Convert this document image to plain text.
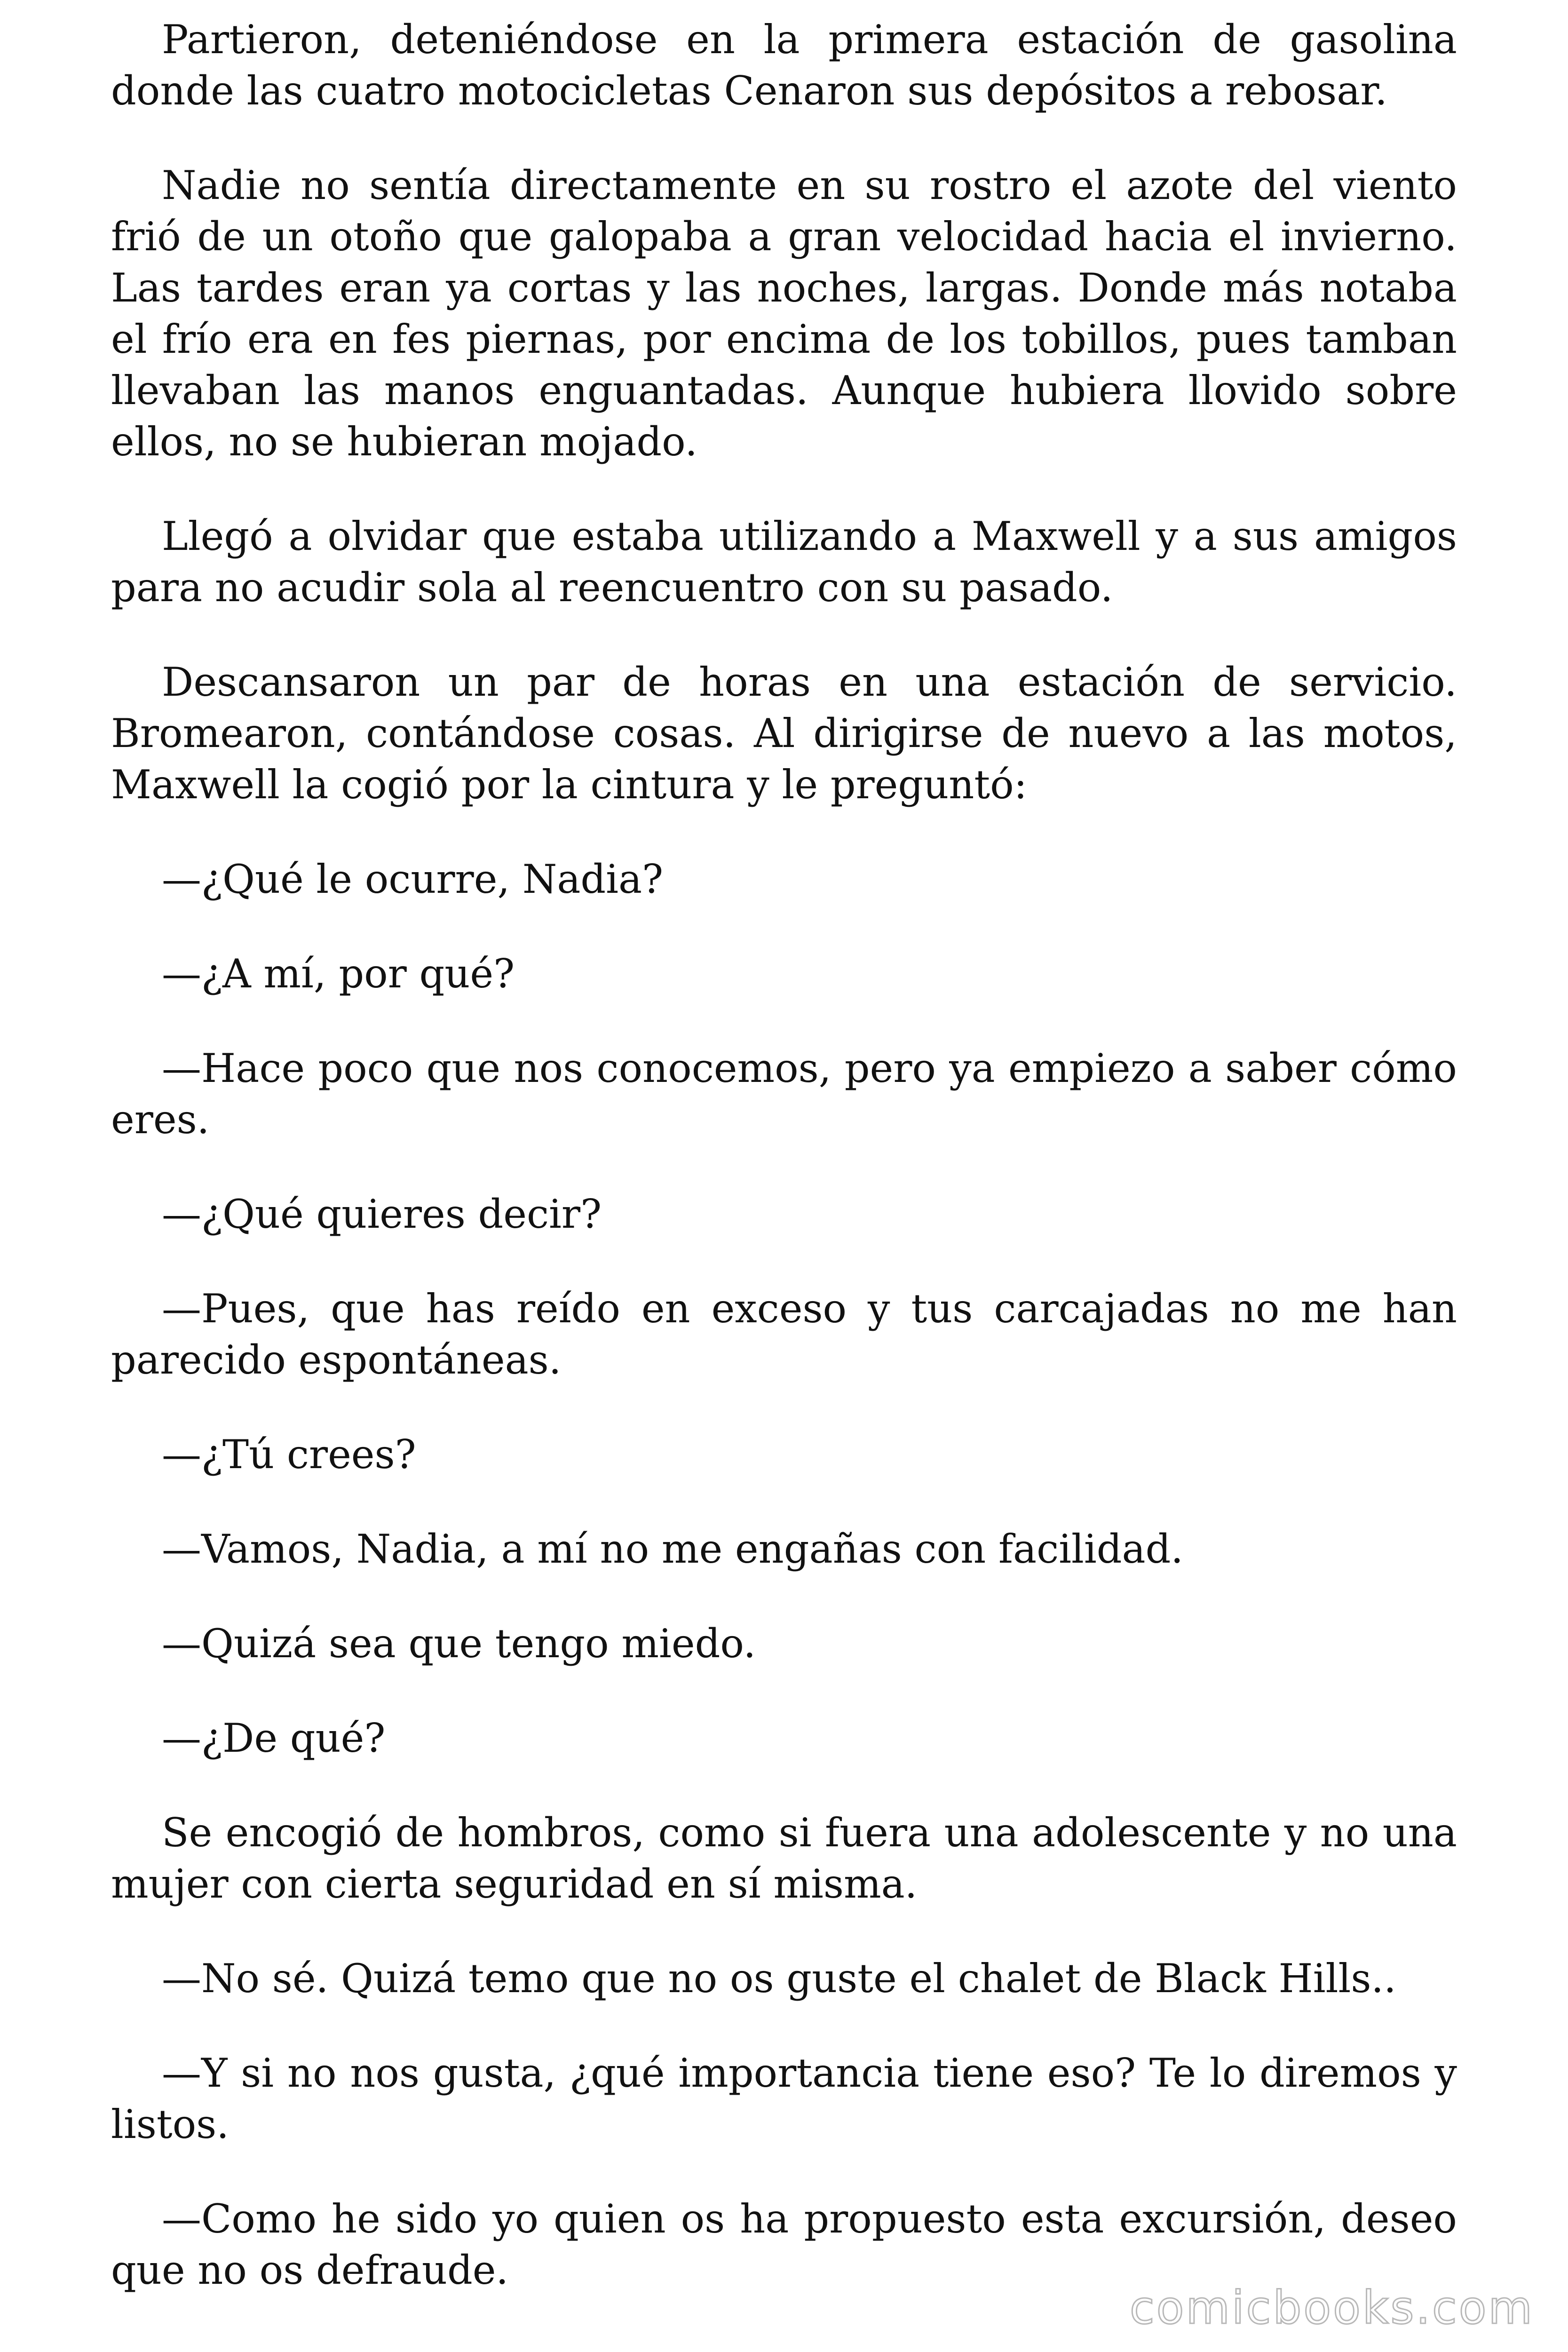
Partieron, deteniéndose en la primera estación de gasolina donde las cuatro motocicletas Cenaron sus depósitos a rebosar.

Nadie no sentía directamente en su rostro el azote del viento frió de un otoño que galopaba a gran velocidad hacia el invierno. Las tardes eran ya cortas y las noches, largas. Donde más notaba el frío era en fes piernas, por encima de los tobillos, pues tamban llevaban las manos enguantadas. Aunque hubiera llovido sobre ellos, no se hubieran mojado.

Llegó a olvidar que estaba utilizando a Maxwell y a sus amigos para no acudir sola al reencuentro con su pasado.

Descansaron un par de horas en una estación de servicio. Bromearon, contándose cosas. Al dirigirse de nuevo a las motos, Maxwell la cogió por la cintura y le preguntó:

—¿Qué le ocurre, Nadia?

—¿A mí, por qué?

—Hace poco que nos conocemos, pero ya empiezo a saber cómo eres.

—¿Qué quieres decir?

—Pues, que has reído en exceso y tus carcajadas no me han parecido espontáneas.

—¿Tú crees?

—Vamos, Nadia, a mí no me engañas con facilidad.

—Quizá sea que tengo miedo.

—¿De qué?

Se encogió de hombros, como si fuera una adolescente y no una mujer con cierta seguridad en sí misma.

—No sé. Quizá temo que no os guste el chalet de Black Hills..

—Y si no nos gusta, ¿qué importancia tiene eso? Te lo diremos y listos.

—Como he sido yo quien os ha propuesto esta excursión, deseo que no os defraude.

comicbooks.com
